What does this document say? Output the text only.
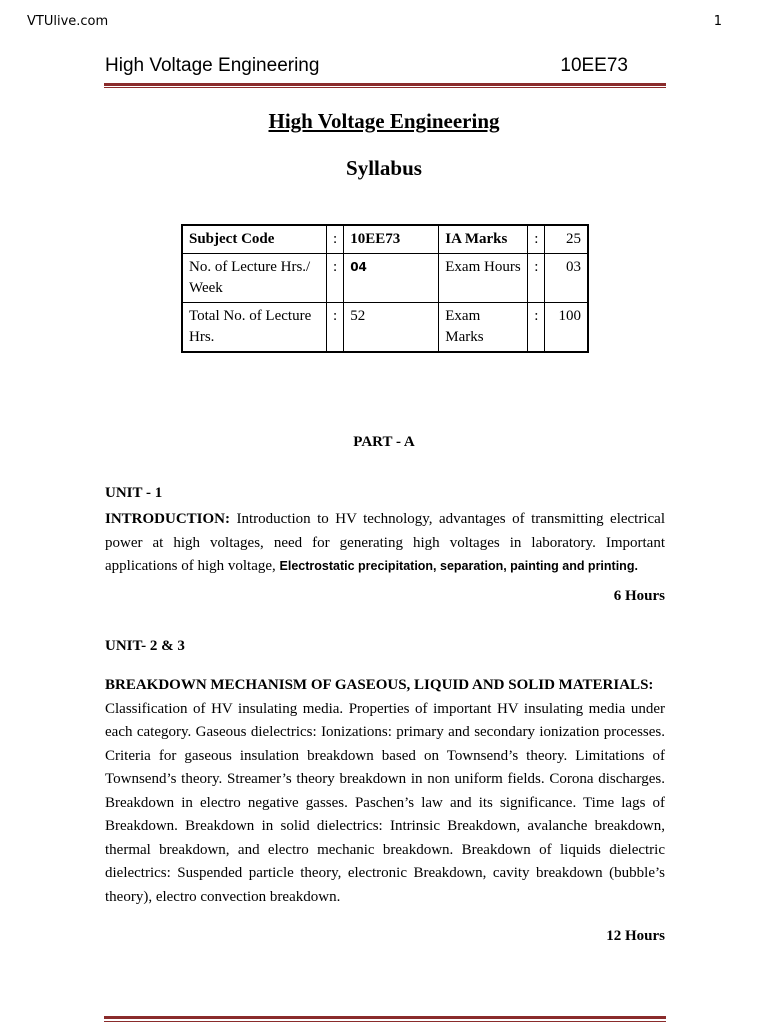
VTUlive.com	1
High Voltage Engineering	10EE73
High Voltage Engineering
Syllabus
Subject Code	:	10EE73	IA Marks	:	25
No. of Lecture Hrs./ Week	:	04	Exam Hours	:	03
Total No. of Lecture Hrs.	:	52	Exam Marks	:	100
PART - A
UNIT - 1
INTRODUCTION: Introduction to HV technology, advantages of transmitting electrical power at high voltages, need for generating high voltages in laboratory. Important applications of high voltage, Electrostatic precipitation, separation, painting and printing.
6 Hours
UNIT- 2 & 3
BREAKDOWN MECHANISM OF GASEOUS, LIQUID AND SOLID MATERIALS:
Classification of HV insulating media. Properties of important HV insulating media under each category. Gaseous dielectrics: Ionizations: primary and secondary ionization processes. Criteria for gaseous insulation breakdown based on Townsend’s theory. Limitations of Townsend’s theory. Streamer’s theory breakdown in non uniform fields. Corona discharges. Breakdown in electro negative gasses. Paschen’s law and its significance. Time lags of Breakdown. Breakdown in solid dielectrics: Intrinsic Breakdown, avalanche breakdown, thermal breakdown, and electro mechanic breakdown. Breakdown of liquids dielectric dielectrics: Suspended particle theory, electronic Breakdown, cavity breakdown (bubble’s theory), electro convection breakdown.
12 Hours
